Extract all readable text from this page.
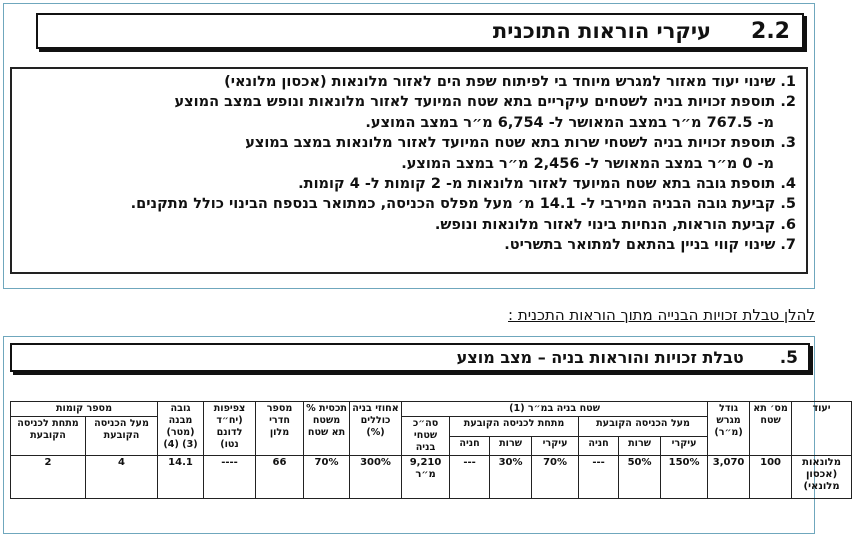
2.2
עיקרי הוראות התוכנית
1. שינוי יעוד מאזור למגרש מיוחד בי לפיתוח שפת הים לאזור מלונאות (אכסון מלונאי)
2. תוספת זכויות בניה לשטחים עיקריים בתא שטח המיועד לאזור מלונאות ונופש במצב המוצע
מ- 767.5 מ״ר במצב המאושר ל- 6,754 מ״ר במצב המוצע.
3. תוספת זכויות בניה לשטחי שרות בתא שטח המיועד לאזור מלונאות במצב במוצע
מ- 0 מ״ר במצב המאושר ל- 2,456 מ״ר במצב המוצע.
4. תוספת גובה בתא שטח המיועד לאזור מלונאות מ- 2 קומות ל- 4 קומות.
5. קביעת גובה הבניה המירבי ל- 14.1 מ׳ מעל מפלס הכניסה, כמתואר בנספח הבינוי כולל מתקנים.
6. קביעת הוראות, הנחיות בינוי לאזור מלונאות ונופש.
7. שינוי קווי בניין בהתאם למתואר בתשריט.
להלן טבלת זכויות הבנייה מתוך הוראות התכנית :
5.
טבלת זכויות והוראות בניה – מצב מוצע
יעוד	מס׳ תא שטח	גודל מגרש (מ״ר)	שטח בניה במ״ר (1)							אחוזי בניה כוללים (%)	תכסית % משטח תא שטח	מספר חדרי מלון	צפיפות (יח״ד לדונם נטו)	גובה מבנה (מטר) (3) (4)	מספר קומות	
			מעל הכניסה הקובעת			מתחת לכניסה הקובעת			סה״כ שטחי בניה						מעל הכניסה הקובעת	מתחת לכניסה הקובעת
			עיקרי	שרות	חניה	עיקרי	שרות	חניה								
מלונאות (אכסון מלונאי)	100	3,070	150%	50%	---	70%	30%	---	9,210 מ״ר	300%	70%	66	----	14.1	4	2
